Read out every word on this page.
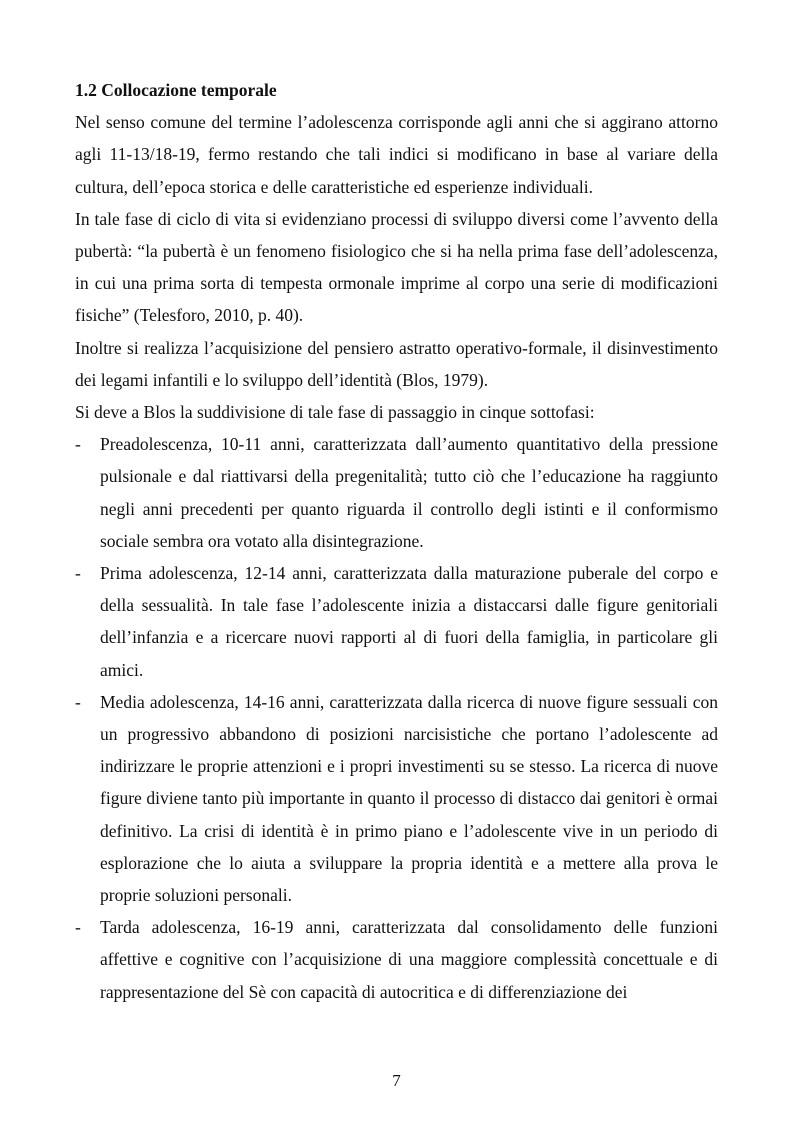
1.2 Collocazione temporale

Nel senso comune del termine l’adolescenza corrisponde agli anni che si aggirano attorno agli 11-13/18-19, fermo restando che tali indici si modificano in base al variare della cultura, dell’epoca storica e delle caratteristiche ed esperienze individuali.

In tale fase di ciclo di vita si evidenziano processi di sviluppo diversi come l’avvento della pubertà: “la pubertà è un fenomeno fisiologico che si ha nella prima fase dell’adolescenza, in cui una prima sorta di tempesta ormonale imprime al corpo una serie di modificazioni fisiche” (Telesforo, 2010, p. 40).

Inoltre si realizza l’acquisizione del pensiero astratto operativo-formale, il disinvestimento dei legami infantili e lo sviluppo dell’identità (Blos, 1979).

Si deve a Blos la suddivisione di tale fase di passaggio in cinque sottofasi:

- Preadolescenza, 10-11 anni, caratterizzata dall’aumento quantitativo della pressione pulsionale e dal riattivarsi della pregenitalità; tutto ciò che l’educazione ha raggiunto negli anni precedenti per quanto riguarda il controllo degli istinti e il conformismo sociale sembra ora votato alla disintegrazione.
- Prima adolescenza, 12-14 anni, caratterizzata dalla maturazione puberale del corpo e della sessualità. In tale fase l’adolescente inizia a distaccarsi dalle figure genitoriali dell’infanzia e a ricercare nuovi rapporti al di fuori della famiglia, in particolare gli amici.
- Media adolescenza, 14-16 anni, caratterizzata dalla ricerca di nuove figure sessuali con un progressivo abbandono di posizioni narcisistiche che portano l’adolescente ad indirizzare le proprie attenzioni e i propri investimenti su se stesso. La ricerca di nuove figure diviene tanto più importante in quanto il processo di distacco dai genitori è ormai definitivo. La crisi di identità è in primo piano e l’adolescente vive in un periodo di esplorazione che lo aiuta a sviluppare la propria identità e a mettere alla prova le proprie soluzioni personali.
- Tarda adolescenza, 16-19 anni, caratterizzata dal consolidamento delle funzioni affettive e cognitive con l’acquisizione di una maggiore complessità concettuale e di rappresentazione del Sè con capacità di autocritica e di differenziazione dei
7
